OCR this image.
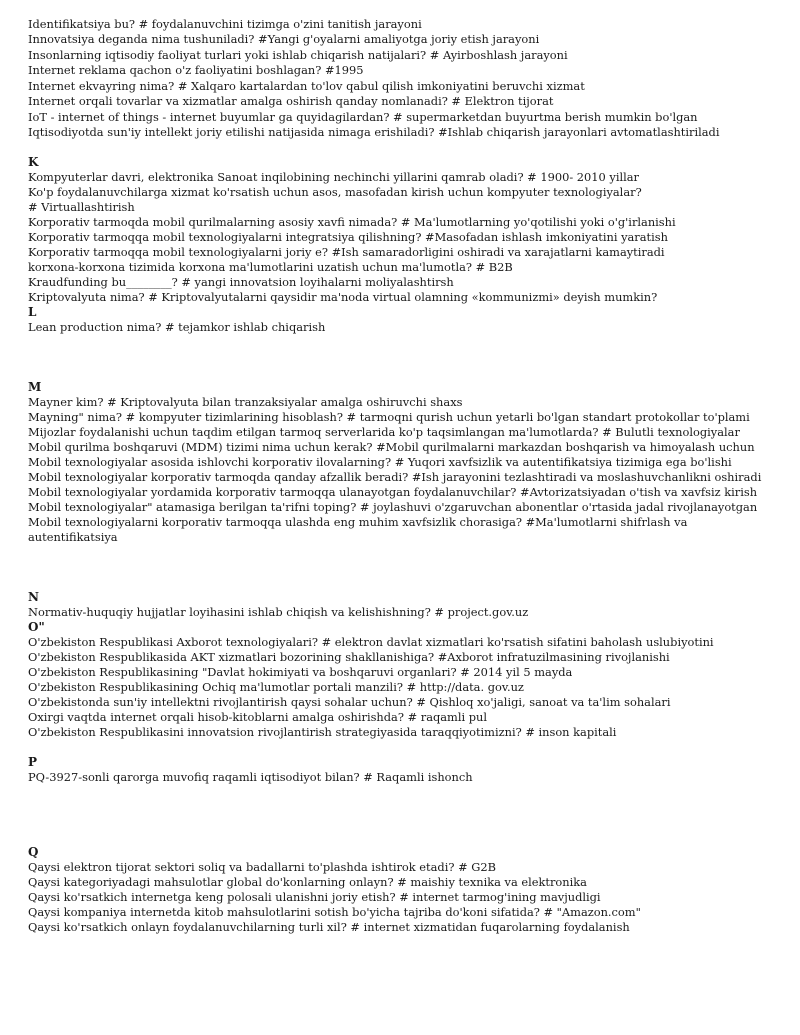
Identifikatsiya bu? # foydalanuvchini tizimga o'zini tanitish jarayoni
Innovatsiya deganda nima tushuniladi? #Yangi g'oyalarni amaliyotga joriy etish jarayoni
Insonlarning iqtisodiy faoliyat turlari yoki ishlab chiqarish natijalari? # Ayirboshlash jarayoni
Internet reklama qachon o'z faoliyatini boshlagan? #1995
Internet ekvayring nima? # Xalqaro kartalardan to'lov qabul qilish imkoniyatini beruvchi xizmat
Internet orqali tovarlar va xizmatlar amalga oshirish qanday nomlanadi? # Elektron tijorat
IoT - internet of things - internet buyumlar ga quyidagilardan? # supermarketdan buyurtma berish mumkin bo'lgan
Iqtisodiyotda sun'iy intellekt joriy etilishi natijasida nimaga erishiladi? #Ishlab chiqarish jarayonlari avtomatlashtiriladi
K
Kompyuterlar davri, elektronika Sanoat inqilobining nechinchi yillarini qamrab oladi? # 1900- 2010 yillar
Ko'p foydalanuvchilarga xizmat ko'rsatish uchun asos, masofadan kirish uchun kompyuter texnologiyalar?
# Virtuallashtirish
Korporativ tarmoqda mobil qurilmalarning asosiy xavfi nimada? # Ma'lumotlarning yo'qotilishi yoki o'g'irlanishi
Korporativ tarmoqqa mobil texnologiyalarni integratsiya qilishning? #Masofadan ishlash imkoniyatini yaratish
Korporativ tarmoqqa mobil texnologiyalarni joriy e? #Ish samaradorligini oshiradi va xarajatlarni kamaytiradi
korxona-korxona tizimida korxona ma'lumotlarini uzatish uchun ma'lumotla? # B2B
Kraudfunding bu________? # yangi innovatsion loyihalarni moliyalashtirsh
Kriptovalyuta nima? # Kriptovalyutalarni qaysidir ma'noda virtual olamning «kommunizmi» deyish mumkin?
L
Lean production nima? # tejamkor ishlab chiqarish
M
Mayner kim? # Kriptovalyuta bilan tranzaksiyalar amalga oshiruvchi shaxs
Mayning" nima? # kompyuter tizimlarining hisoblash? # tarmoqni qurish uchun yetarli bo'lgan standart protokollar to'plami
Mijozlar foydalanishi uchun taqdim etilgan tarmoq serverlarida ko'p taqsimlangan ma'lumotlarda? # Bulutli texnologiyalar
Mobil qurilma boshqaruvi (MDM) tizimi nima uchun kerak? #Mobil qurilmalarni markazdan boshqarish va himoyalash uchun
Mobil texnologiyalar asosida ishlovchi korporativ ilovalarning? # Yuqori xavfsizlik va autentifikatsiya tizimiga ega bo'lishi
Mobil texnologiyalar korporativ tarmoqda qanday afzallik beradi? #Ish jarayonini tezlashtiradi va moslashuvchanlikni oshiradi
Mobil texnologiyalar yordamida korporativ tarmoqqa ulanayotgan foydalanuvchilar? #Avtorizatsiyadan o'tish va xavfsiz kirish
Mobil texnologiyalar" atamasiga berilgan ta'rifni toping? # joylashuvi o'zgaruvchan abonentlar o'rtasida jadal rivojlanayotgan
Mobil texnologiyalarni korporativ tarmoqqa ulashda eng muhim xavfsizlik chorasiga? #Ma'lumotlarni shifrlash va
autentifikatsiya
N
Normativ-huquqiy hujjatlar loyihasini ishlab chiqish va kelishishning? # project.gov.uz
O"
O'zbekiston Respublikasi Axborot texnologiyalari? # elektron davlat xizmatlari ko'rsatish sifatini baholash uslubiyotini
O'zbekiston Respublikasida AKT xizmatlari bozorining shakllanishiga? #Axborot infratuzilmasining rivojlanishi
O'zbekiston Respublikasining "Davlat hokimiyati va boshqaruvi organlari? # 2014 yil 5 mayda
O'zbekiston Respublikasining Ochiq ma'lumotlar portali manzili? # http://data. gov.uz
O'zbekistonda sun'iy intellektni rivojlantirish qaysi sohalar uchun? # Qishloq xo'jaligi, sanoat va ta'lim sohalari
Oxirgi vaqtda internet orqali hisob-kitoblarni amalga oshirishda? # raqamli pul
O'zbekiston Respublikasini innovatsion rivojlantirish strategiyasida taraqqiyotimizni? # inson kapitali
P
PQ-3927-sonli qarorga muvofiq raqamli iqtisodiyot bilan? # Raqamli ishonch
Q
Qaysi elektron tijorat sektori soliq va badallarni to'plashda ishtirok etadi? # G2B
Qaysi kategoriyadagi mahsulotlar global do'konlarning onlayn? # maishiy texnika va elektronika
Qaysi ko'rsatkich internetga keng polosali ulanishni joriy etish? # internet tarmog'ining mavjudligi
Qaysi kompaniya internetda kitob mahsulotlarini sotish bo'yicha tajriba do'koni sifatida? # "Amazon.com"
Qaysi ko'rsatkich onlayn foydalanuvchilarning turli xil? # internet xizmatidan fuqarolarning foydalanish
